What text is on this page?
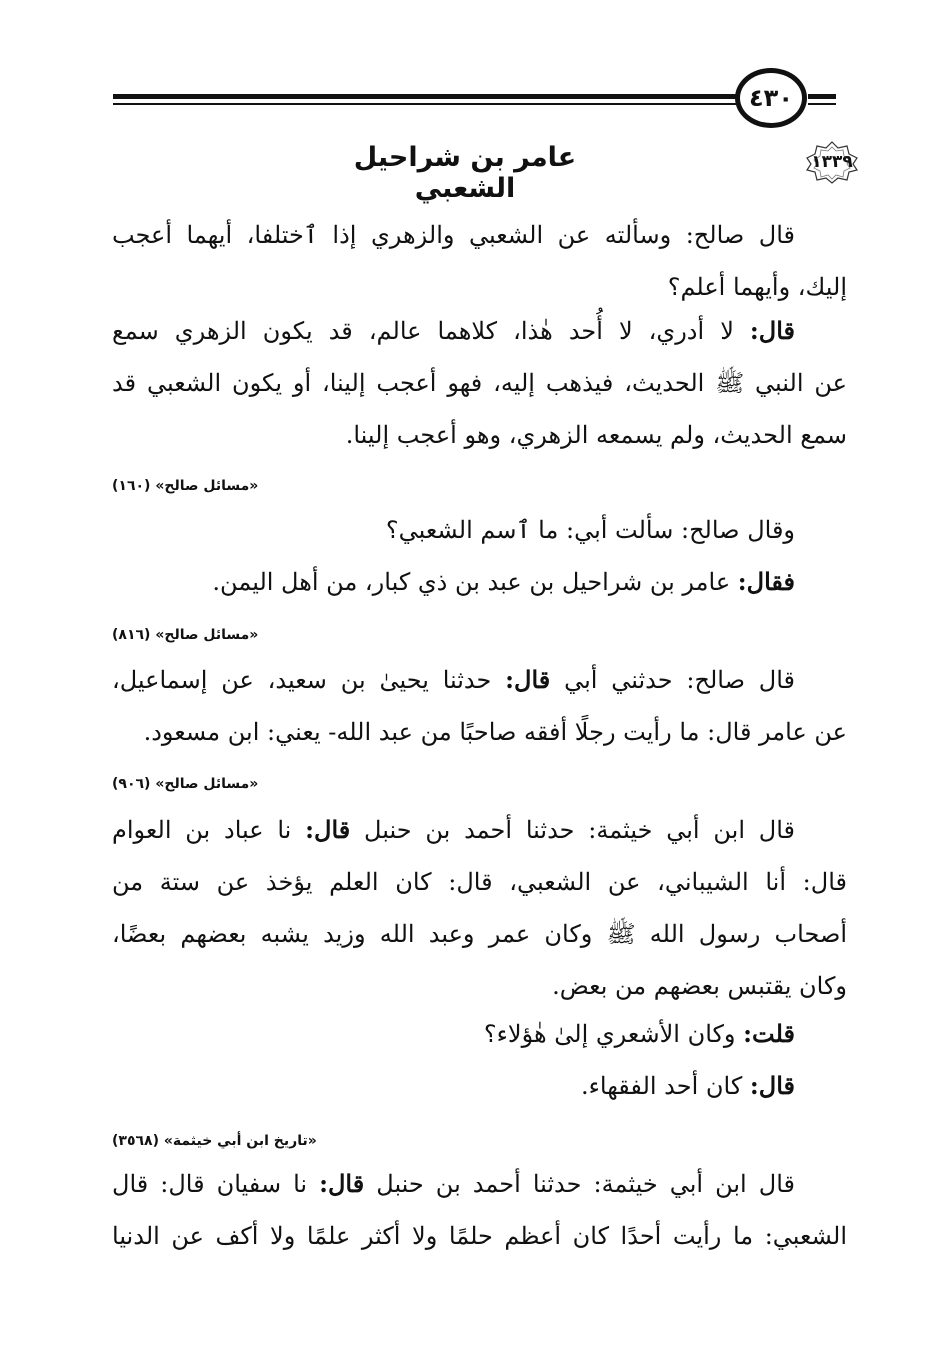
٤٣٠
١٣٣٩
عامر بن شراحيل الشعبي
قال صالح: وسألته عن الشعبي والزهري إذا ٱختلفا، أيهما أعجب
إليك، وأيهما أعلم؟
قال: لا أدري، لا أُحد هٰذا، كلاهما عالم، قد يكون الزهري سمع
عن النبي ﷺ الحديث، فيذهب إليه، فهو أعجب إلينا، أو يكون الشعبي قد
سمع الحديث، ولم يسمعه الزهري، وهو أعجب إلينا.
«مسائل صالح» (١٦٠)
وقال صالح: سألت أبي: ما ٱسم الشعبي؟
فقال: عامر بن شراحيل بن عبد بن ذي كبار، من أهل اليمن.
«مسائل صالح» (٨١٦)
قال صالح: حدثني أبي قال: حدثنا يحيىٰ بن سعيد، عن إسماعيل،
عن عامر قال: ما رأيت رجلًا أفقه صاحبًا من عبد الله- يعني: ابن مسعود.
«مسائل صالح» (٩٠٦)
قال ابن أبي خيثمة: حدثنا أحمد بن حنبل قال: نا عباد بن العوام
قال: أنا الشيباني، عن الشعبي، قال: كان العلم يؤخذ عن ستة من
أصحاب رسول الله ﷺ وكان عمر وعبد الله وزيد يشبه بعضهم بعضًا،
وكان يقتبس بعضهم من بعض.
قلت: وكان الأشعري إلىٰ هٰؤلاء؟
قال: كان أحد الفقهاء.
«تاريخ ابن أبي خيثمة» (٣٥٦٨)
قال ابن أبي خيثمة: حدثنا أحمد بن حنبل قال: نا سفيان قال: قال
الشعبي: ما رأيت أحدًا كان أعظم حلمًا ولا أكثر علمًا ولا أكف عن الدنيا
